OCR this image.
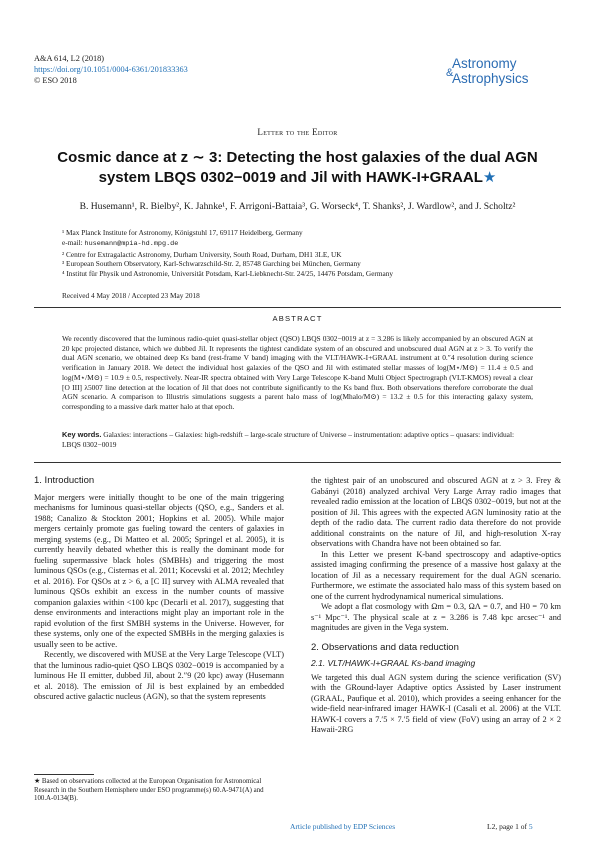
A&A 614, L2 (2018)
https://doi.org/10.1051/0004-6361/201833363
© ESO 2018
Astronomy
&
Astrophysics
Letter to the Editor
Cosmic dance at z ∼ 3: Detecting the host galaxies of the dual AGN
system LBQS 0302−0019 and Jil with HAWK-I+GRAAL★
B. Husemann¹, R. Bielby², K. Jahnke¹, F. Arrigoni-Battaia³, G. Worseck⁴, T. Shanks², J. Wardlow², and J. Scholtz²
¹ Max Planck Institute for Astronomy, Königstuhl 17, 69117 Heidelberg, Germany
e-mail: husemann@mpia-hd.mpg.de
² Centre for Extragalactic Astronomy, Durham University, South Road, Durham, DH1 3LE, UK
³ European Southern Observatory, Karl-Schwarzschild-Str. 2, 85748 Garching bei München, Germany
⁴ Institut für Physik und Astronomie, Universität Potsdam, Karl-Liebknecht-Str. 24/25, 14476 Potsdam, Germany
Received 4 May 2018 / Accepted 23 May 2018
ABSTRACT
We recently discovered that the luminous radio-quiet quasi-stellar object (QSO) LBQS 0302−0019 at z = 3.286 is likely accompanied by an obscured AGN at 20 kpc projected distance, which we dubbed Jil. It represents the tightest candidate system of an obscured and unobscured dual AGN at z > 3. To verify the dual AGN scenario, we obtained deep Ks band (rest-frame V band) imaging with the VLT/HAWK-I+GRAAL instrument at 0.″4 resolution during science verification in January 2018. We detect the individual host galaxies of the QSO and Jil with estimated stellar masses of log(M⋆/M⊙) = 11.4 ± 0.5 and log(M⋆/M⊙) = 10.9 ± 0.5, respectively. Near-IR spectra obtained with Very Large Telescope K-band Multi Object Spectrograph (VLT-KMOS) reveal a clear [O III] λ5007 line detection at the location of Jil that does not contribute significantly to the Ks band flux. Both observations therefore corroborate the dual AGN scenario. A comparison to Illustris simulations suggests a parent halo mass of log(Mhalo/M⊙) = 13.2 ± 0.5 for this interacting galaxy system, corresponding to a massive dark matter halo at that epoch.
Key words. Galaxies: interactions – Galaxies: high-redshift – large-scale structure of Universe – instrumentation: adaptive optics – quasars: individual: LBQS 0302−0019
1. Introduction

Major mergers were initially thought to be one of the main triggering mechanisms for luminous quasi-stellar objects (QSO, e.g., Sanders et al. 1988; Canalizo & Stockton 2001; Hopkins et al. 2005). While major mergers certainly promote gas fueling toward the centers of galaxies in merging systems (e.g., Di Matteo et al. 2005; Springel et al. 2005), it is currently heavily debated whether this is really the dominant mode for fueling supermassive black holes (SMBHs) and triggering the most luminous QSOs (e.g., Cisternas et al. 2011; Kocevski et al. 2012; Mechtley et al. 2016). For QSOs at z > 6, a [C II] survey with ALMA revealed that luminous QSOs exhibit an excess in the number counts of massive companion galaxies within <100 kpc (Decarli et al. 2017), suggesting that dense environments and interactions might play an important role in the rapid evolution of the first SMBH systems in the Universe. However, for these systems, only one of the expected SMBHs in the merging galaxies is usually seen to be active.

Recently, we discovered with MUSE at the Very Large Telescope (VLT) that the luminous radio-quiet QSO LBQS 0302−0019 is accompanied by a luminous He II emitter, dubbed Jil, about 2.″9 (20 kpc) away (Husemann et al. 2018). The emission of Jil is best explained by an embedded obscured active galactic nucleus (AGN), so that the system represents

★ Based on observations collected at the European Organisation for Astronomical Research in the Southern Hemisphere under ESO programme(s) 60.A-9471(A) and 100.A-0134(B).

the tightest pair of an unobscured and obscured AGN at z > 3. Frey & Gabányi (2018) analyzed archival Very Large Array radio images that revealed radio emission at the location of LBQS 0302−0019, but not at the position of Jil. This agrees with the expected AGN luminosity ratio at the depth of the radio data. The current radio data therefore do not provide additional constraints on the nature of Jil, and high-resolution X-ray observations with Chandra have not been obtained so far.

In this Letter we present K-band spectroscopy and adaptive-optics assisted imaging confirming the presence of a massive host galaxy at the location of Jil as a necessary requirement for the dual AGN scenario. Furthermore, we estimate the associated halo mass of this system based on one of the current hydrodynamical numerical simulations.

We adopt a flat cosmology with Ωm = 0.3, ΩΛ = 0.7, and H0 = 70 km s⁻¹ Mpc⁻¹. The physical scale at z = 3.286 is 7.48 kpc arcsec⁻¹ and magnitudes are given in the Vega system.

2. Observations and data reduction
2.1. VLT/HAWK-I+GRAAL Ks-band imaging

We targeted this dual AGN system during the science verification (SV) with the GRound-layer Adaptive optics Assisted by Laser instrument (GRAAL, Paufique et al. 2010), which provides a seeing enhancer for the wide-field near-infrared imager HAWK-I (Casali et al. 2006) at the VLT. HAWK-I covers a 7.′5 × 7.′5 field of view (FoV) using an array of 2 × 2 Hawaii-2RG

Article published by EDP Sciences	L2, page 1 of 5
